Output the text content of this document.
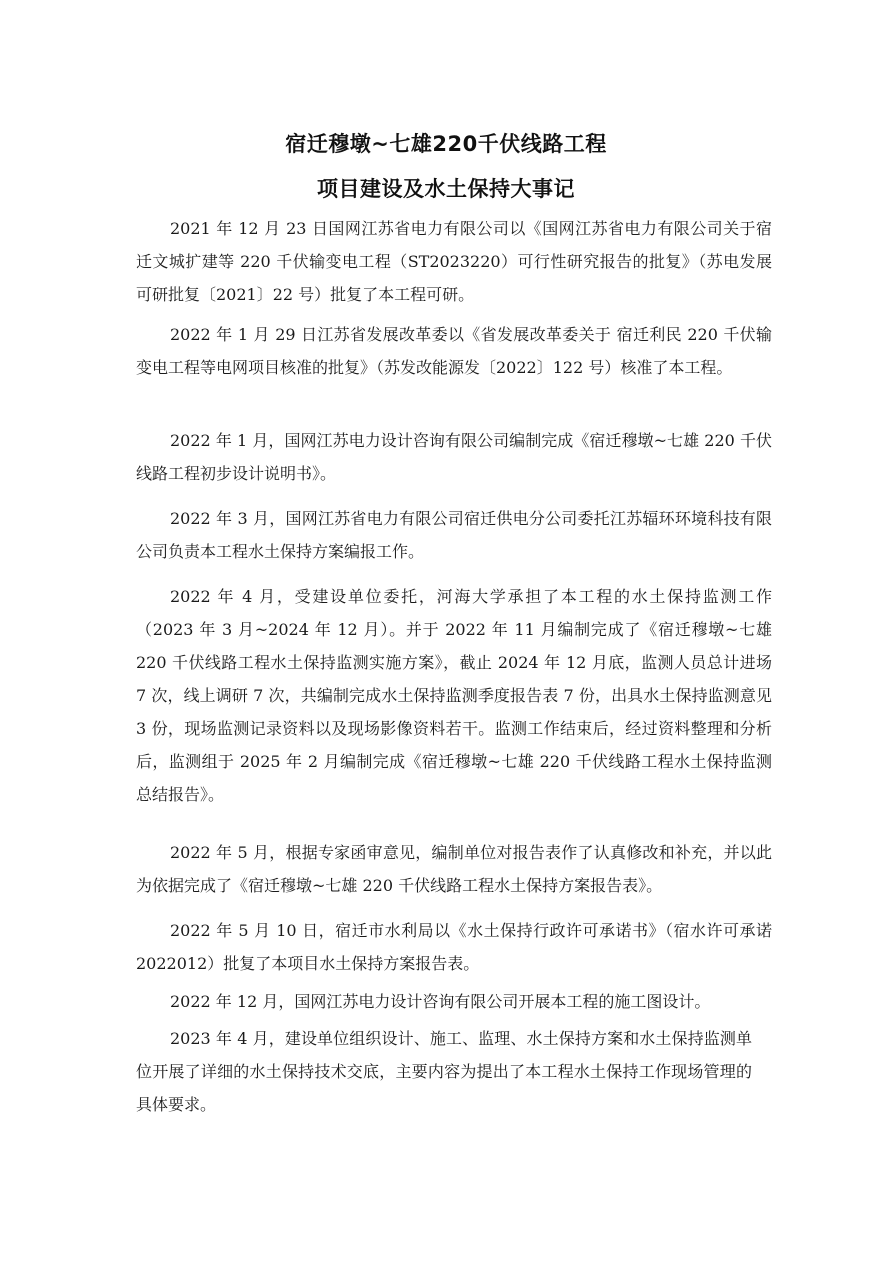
宿迁穆墩~七雄220千伏线路工程
项目建设及水土保持大事记

2021 年 12 月 23 日国网江苏省电力有限公司以《国网江苏省电力有限公司关于宿迁文城扩建等 220 千伏输变电工程（ST2023220）可行性研究报告的批复》（苏电发展可研批复〔2021〕22 号）批复了本工程可研。

2022 年 1 月 29 日江苏省发展改革委以《省发展改革委关于 宿迁利民 220 千伏输变电工程等电网项目核准的批复》（苏发改能源发〔2022〕122 号）核准了本工程。

2022 年 1 月，国网江苏电力设计咨询有限公司编制完成《宿迁穆墩~七雄 220 千伏线路工程初步设计说明书》。

2022 年 3 月，国网江苏省电力有限公司宿迁供电分公司委托江苏辐环环境科技有限公司负责本工程水土保持方案编报工作。

2022 年 4 月，受建设单位委托，河海大学承担了本工程的水土保持监测工作（2023 年 3 月~2024 年 12 月）。并于 2022 年 11 月编制完成了《宿迁穆墩~七雄 220 千伏线路工程水土保持监测实施方案》，截止 2024 年 12 月底，监测人员总计进场 7 次，线上调研 7 次，共编制完成水土保持监测季度报告表 7 份，出具水土保持监测意见 3 份，现场监测记录资料以及现场影像资料若干。监测工作结束后，经过资料整理和分析后，监测组于 2025 年 2 月编制完成《宿迁穆墩~七雄 220 千伏线路工程水土保持监测总结报告》。

2022 年 5 月，根据专家函审意见，编制单位对报告表作了认真修改和补充，并以此为依据完成了《宿迁穆墩~七雄 220 千伏线路工程水土保持方案报告表》。

2022 年 5 月 10 日，宿迁市水利局以《水土保持行政许可承诺书》（宿水许可承诺 2022012）批复了本项目水土保持方案报告表。

2022 年 12 月，国网江苏电力设计咨询有限公司开展本工程的施工图设计。

2023 年 4 月，建设单位组织设计、施工、监理、水土保持方案和水土保持监测单位开展了详细的水土保持技术交底，主要内容为提出了本工程水土保持工作现场管理的具体要求。
